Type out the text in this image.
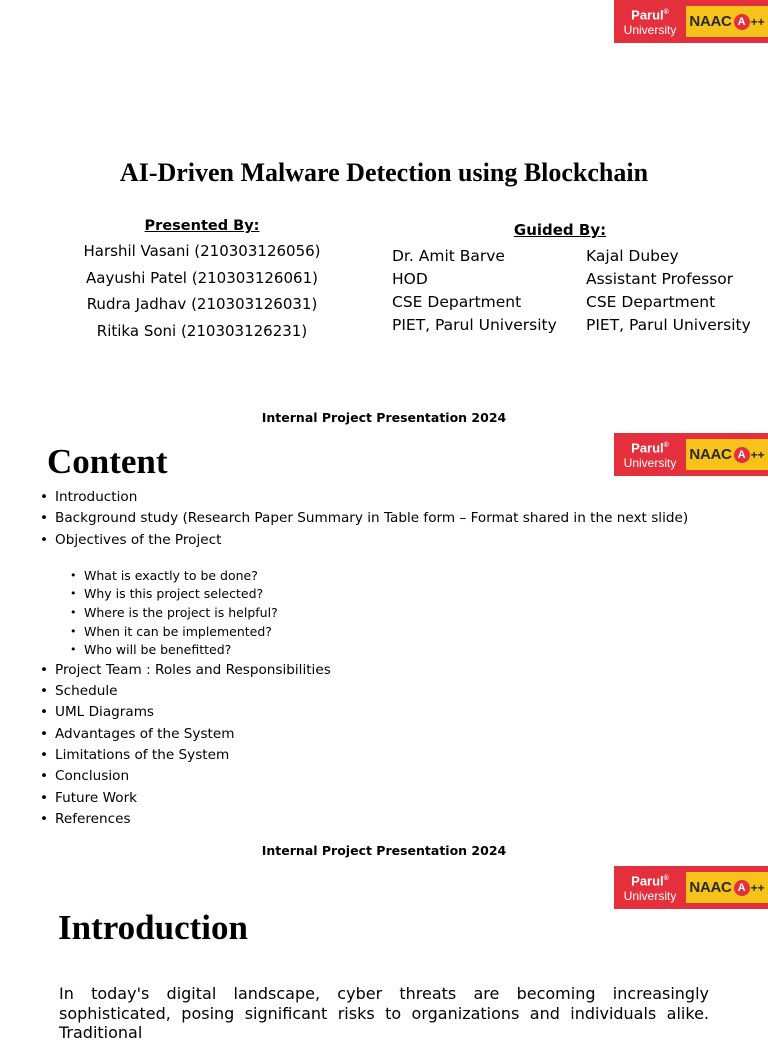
Parul®
University NAAC A ++
AI-Driven Malware Detection using Blockchain
Presented By:
Harshil Vasani (210303126056)
Aayushi Patel (210303126061)
Rudra Jadhav (210303126031)
Ritika Soni (210303126231)
Guided By:
Dr. Amit Barve
HOD
CSE Department
PIET, Parul University
Kajal Dubey
Assistant Professor
CSE Department
PIET, Parul University
Internal Project Presentation 2024
Parul®
University NAAC A ++
Content
• Introduction
• Background study (Research Paper Summary in Table form – Format shared in the next slide)
• Objectives of the Project
• What is exactly to be done?
• Why is this project selected?
• Where is the project is helpful?
• When it can be implemented?
• Who will be benefitted?
• Project Team : Roles and Responsibilities
• Schedule
• UML Diagrams
• Advantages of the System
• Limitations of the System
• Conclusion
• Future Work
• References
Internal Project Presentation 2024
Parul®
University NAAC A ++
Introduction
In today's digital landscape, cyber threats are becoming increasingly sophisticated, posing significant risks to organizations and individuals alike. Traditional
